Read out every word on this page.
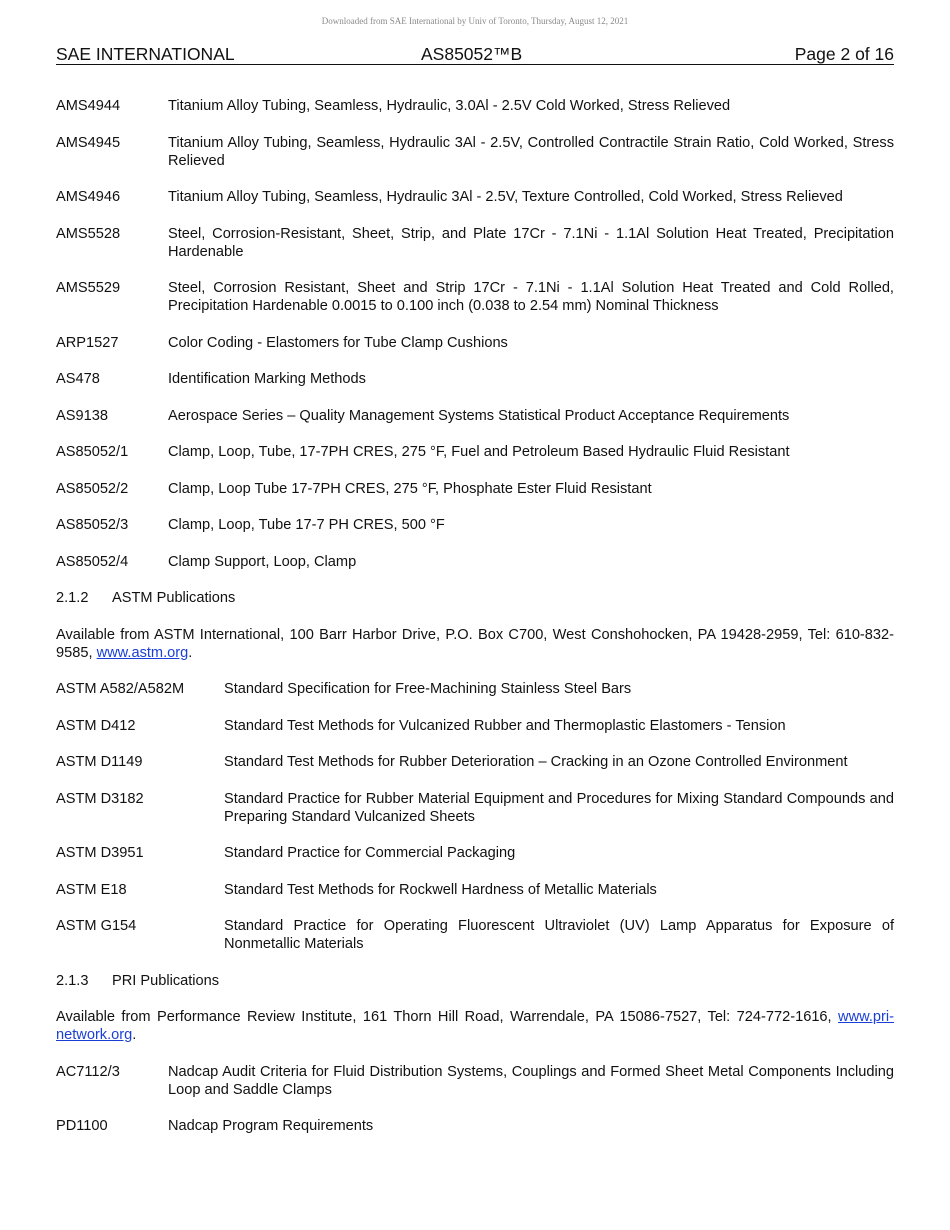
Downloaded from SAE International by Univ of Toronto, Thursday, August 12, 2021
SAE INTERNATIONAL	AS85052™B	Page 2 of 16
AMS4944	Titanium Alloy Tubing, Seamless, Hydraulic, 3.0Al - 2.5V Cold Worked, Stress Relieved
AMS4945	Titanium Alloy Tubing, Seamless, Hydraulic 3Al - 2.5V, Controlled Contractile Strain Ratio, Cold Worked, Stress Relieved
AMS4946	Titanium Alloy Tubing, Seamless, Hydraulic 3Al - 2.5V, Texture Controlled, Cold Worked, Stress Relieved
AMS5528	Steel, Corrosion-Resistant, Sheet, Strip, and Plate 17Cr - 7.1Ni - 1.1Al Solution Heat Treated, Precipitation Hardenable
AMS5529	Steel, Corrosion Resistant, Sheet and Strip 17Cr - 7.1Ni - 1.1Al Solution Heat Treated and Cold Rolled, Precipitation Hardenable 0.0015 to 0.100 inch (0.038 to 2.54 mm) Nominal Thickness
ARP1527	Color Coding - Elastomers for Tube Clamp Cushions
AS478	Identification Marking Methods
AS9138	Aerospace Series – Quality Management Systems Statistical Product Acceptance Requirements
AS85052/1	Clamp, Loop, Tube, 17-7PH CRES, 275 °F, Fuel and Petroleum Based Hydraulic Fluid Resistant
AS85052/2	Clamp, Loop Tube 17-7PH CRES, 275 °F, Phosphate Ester Fluid Resistant
AS85052/3	Clamp, Loop, Tube 17-7 PH CRES, 500 °F
AS85052/4	Clamp Support, Loop, Clamp
2.1.2	ASTM Publications
Available from ASTM International, 100 Barr Harbor Drive, P.O. Box C700, West Conshohocken, PA 19428-2959, Tel: 610-832-9585, www.astm.org.
ASTM A582/A582M	Standard Specification for Free-Machining Stainless Steel Bars
ASTM D412	Standard Test Methods for Vulcanized Rubber and Thermoplastic Elastomers - Tension
ASTM D1149	Standard Test Methods for Rubber Deterioration – Cracking in an Ozone Controlled Environment
ASTM D3182	Standard Practice for Rubber Material Equipment and Procedures for Mixing Standard Compounds and Preparing Standard Vulcanized Sheets
ASTM D3951	Standard Practice for Commercial Packaging
ASTM E18	Standard Test Methods for Rockwell Hardness of Metallic Materials
ASTM G154	Standard Practice for Operating Fluorescent Ultraviolet (UV) Lamp Apparatus for Exposure of Nonmetallic Materials
2.1.3	PRI Publications
Available from Performance Review Institute, 161 Thorn Hill Road, Warrendale, PA 15086-7527, Tel: 724-772-1616, www.pri-network.org.
AC7112/3	Nadcap Audit Criteria for Fluid Distribution Systems, Couplings and Formed Sheet Metal Components Including Loop and Saddle Clamps
PD1100	Nadcap Program Requirements
